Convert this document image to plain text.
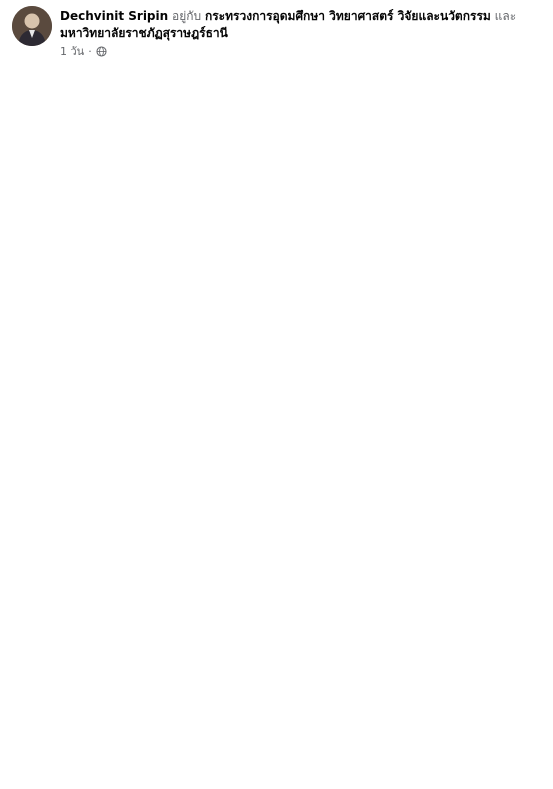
Dechvinit Sripin อยู่กับ กระทรวงการอุดมศึกษา วิทยาศาสตร์ วิจัยและนวัตกรรม และ มหาวิทยาลัยราชภัฏสุราษฎร์ธานี
1 วัน ·
